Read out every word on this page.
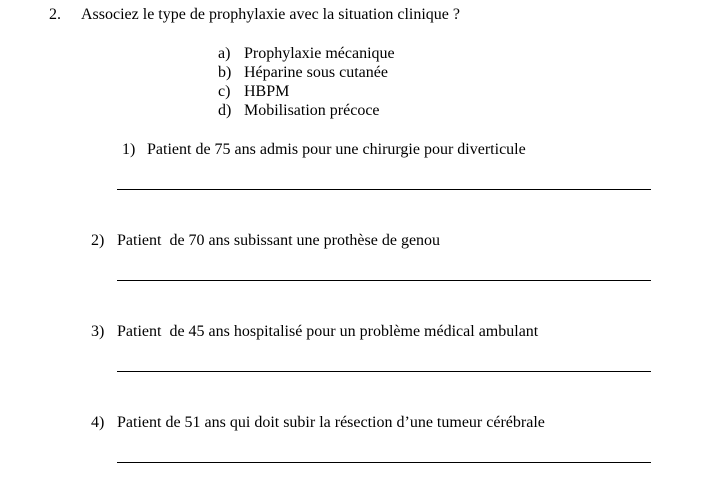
2. Associez le type de prophylaxie avec la situation clinique ?
a) Prophylaxie mécanique
b) Héparine sous cutanée
c) HBPM
d) Mobilisation précoce
1) Patient de 75 ans admis pour une chirurgie pour diverticule
2) Patient  de 70 ans subissant une prothèse de genou
3) Patient  de 45 ans hospitalisé pour un problème médical ambulant
4) Patient de 51 ans qui doit subir la résection d’une tumeur cérébrale
